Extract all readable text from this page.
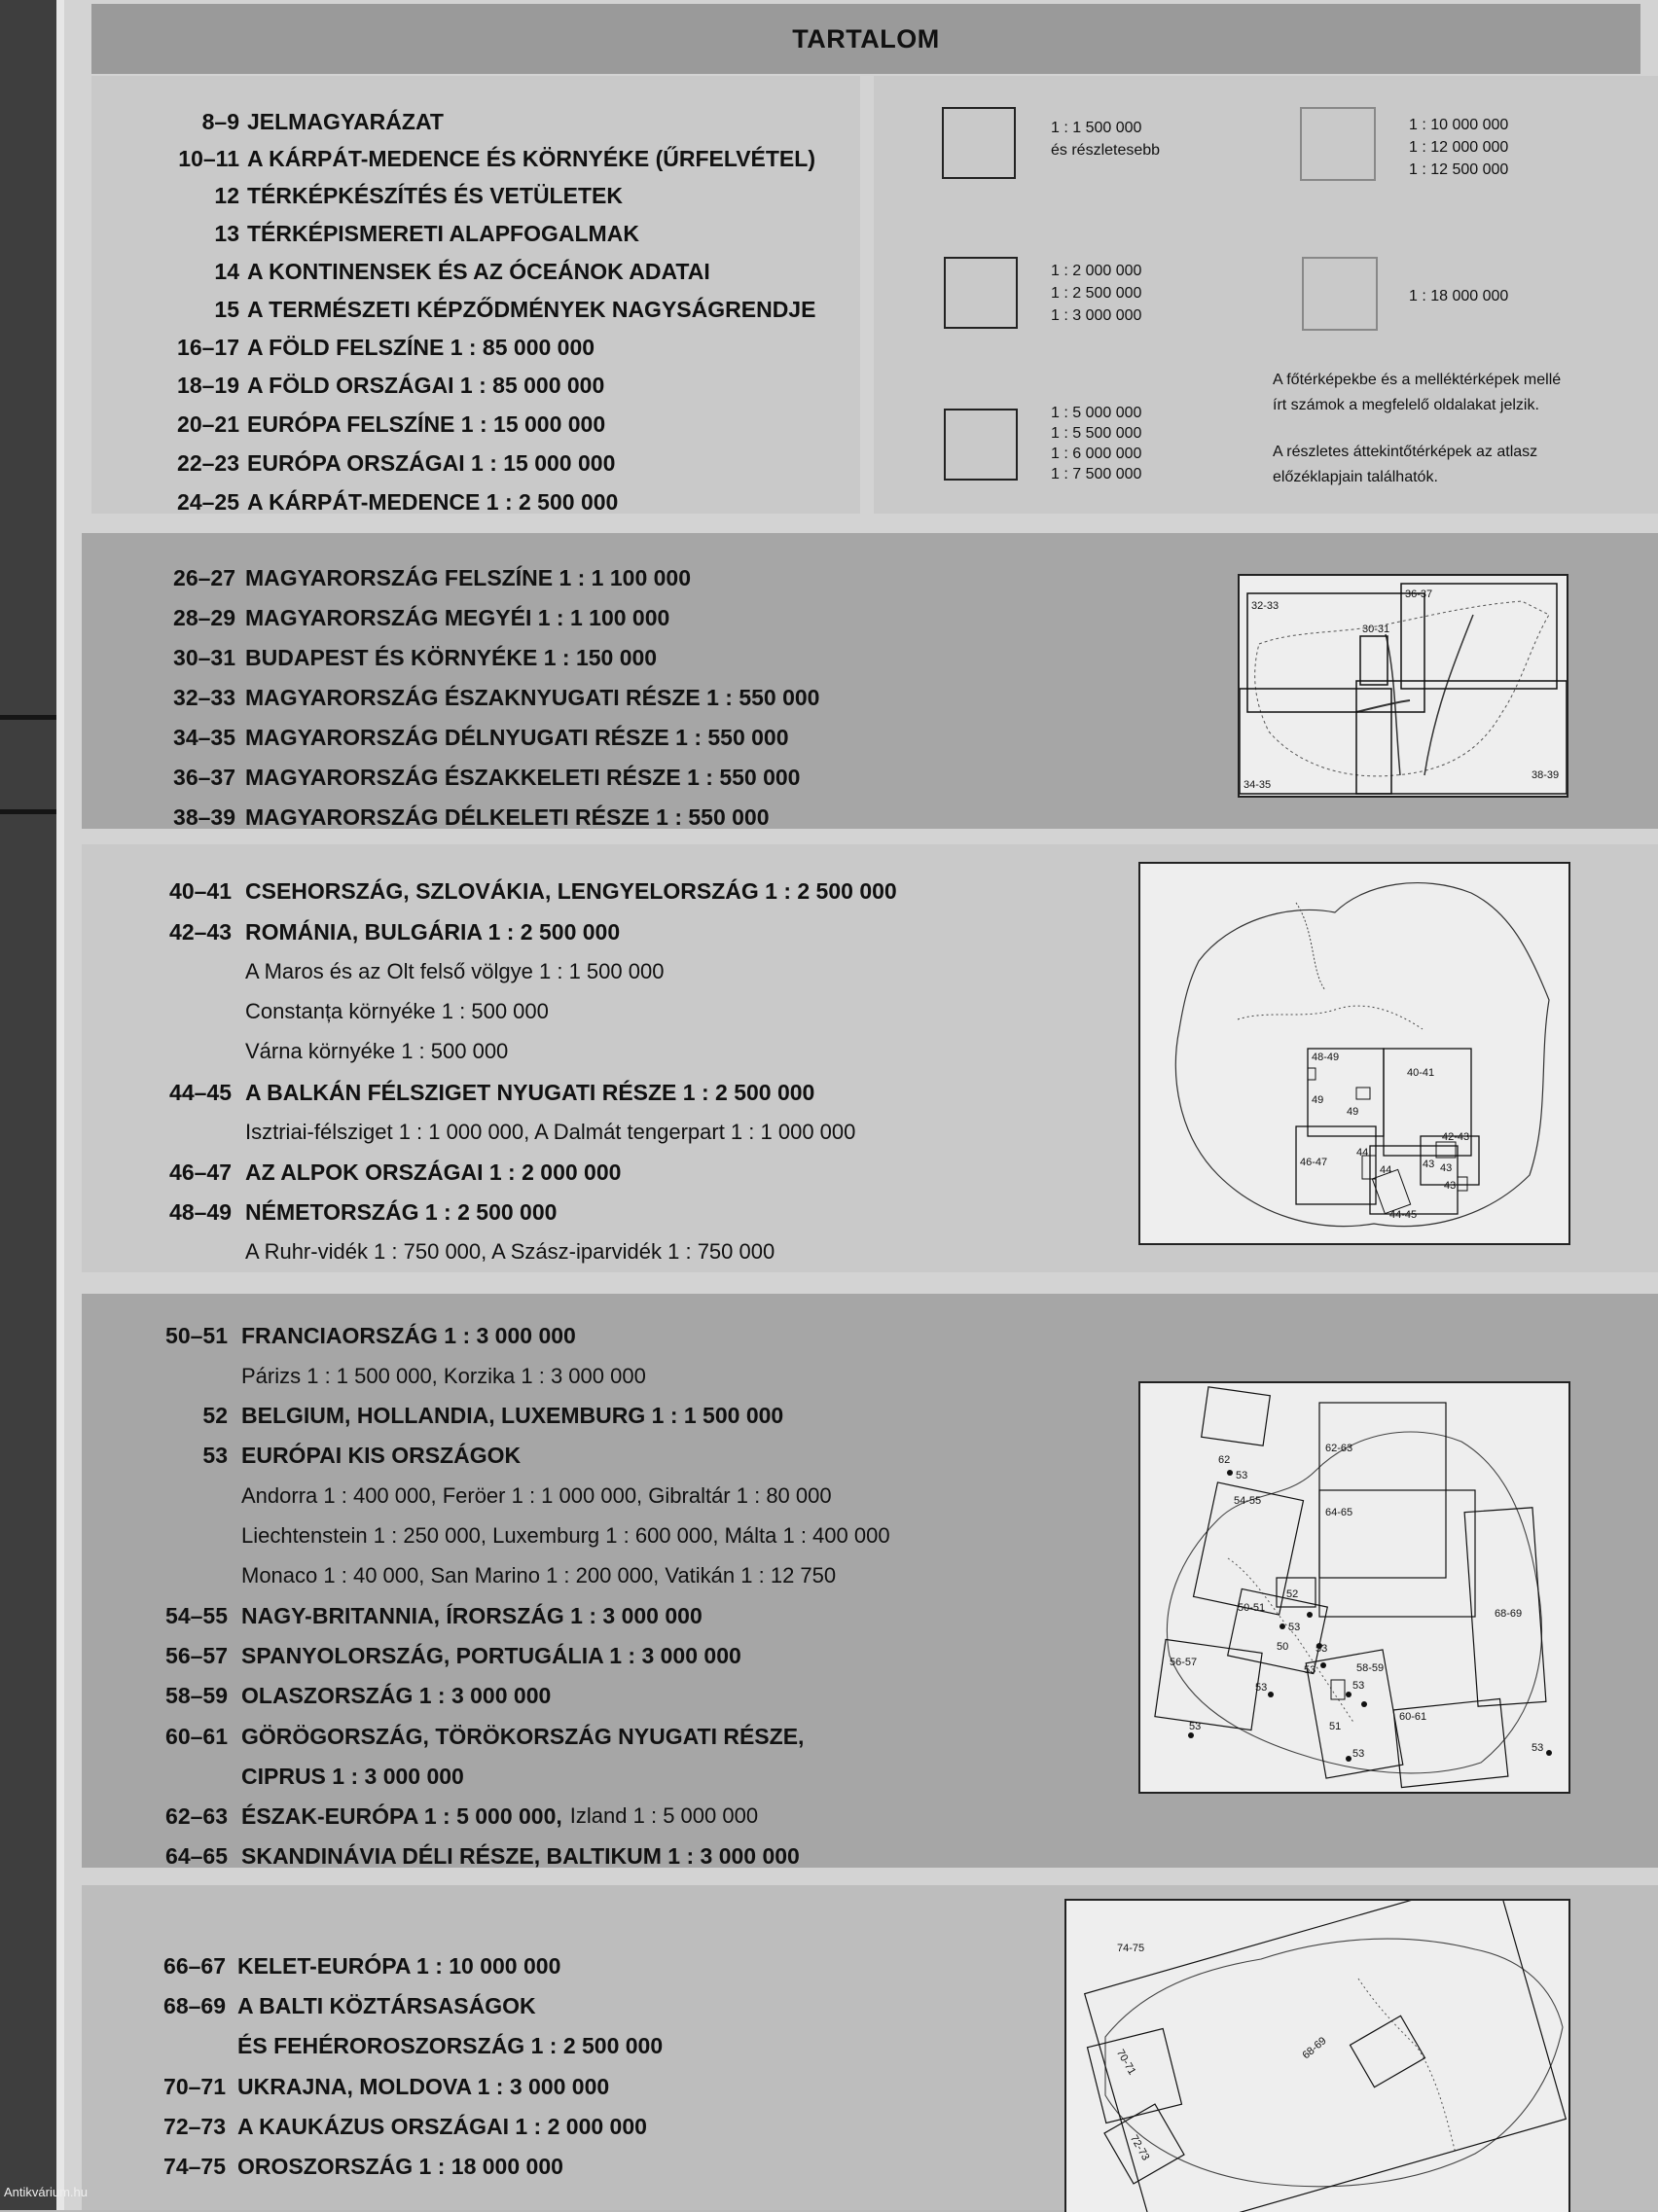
TARTALOM
8–9 JELMAGYARÁZAT
10–11 A KÁRPÁT-MEDENCE ÉS KÖRNYÉKE (ŰRFELVÉTEL)
12 TÉRKÉPKÉSZÍTÉS ÉS VETÜLETEK
13 TÉRKÉPISMERETI ALAPFOGALMAK
14 A KONTINENSEK ÉS AZ ÓCEÁNOK ADATAI
15 A TERMÉSZETI KÉPZŐDMÉNYEK NAGYSÁGRENDJE
16–17 A FÖLD FELSZÍNE 1 : 85 000 000
18–19 A FÖLD ORSZÁGAI 1 : 85 000 000
20–21 EURÓPA FELSZÍNE 1 : 15 000 000
22–23 EURÓPA ORSZÁGAI 1 : 15 000 000
24–25 A KÁRPÁT-MEDENCE 1 : 2 500 000
26–27 MAGYARORSZÁG FELSZÍNE 1 : 1 100 000
28–29 MAGYARORSZÁG MEGYÉI 1 : 1 100 000
30–31 BUDAPEST ÉS KÖRNYÉKE 1 : 150 000
32–33 MAGYARORSZÁG ÉSZAKNYUGATI RÉSZE 1 : 550 000
34–35 MAGYARORSZÁG DÉLNYUGATI RÉSZE 1 : 550 000
36–37 MAGYARORSZÁG ÉSZAKKELETI RÉSZE 1 : 550 000
38–39 MAGYARORSZÁG DÉLKELETI RÉSZE 1 : 550 000
40–41 CSEHORSZÁG, SZLOVÁKIA, LENGYELORSZÁG 1 : 2 500 000
42–43 ROMÁNIA, BULGÁRIA 1 : 2 500 000
A Maros és az Olt felső völgye 1 : 1 500 000
Constanța környéke 1 : 500 000
Várna környéke 1 : 500 000
44–45 A BALKÁN FÉLSZIGET NYUGATI RÉSZE 1 : 2 500 000
Isztriai-félsziget 1 : 1 000 000, A Dalmát tengerpart 1 : 1 000 000
46–47 AZ ALPOK ORSZÁGAI 1 : 2 000 000
48–49 NÉMETORSZÁG 1 : 2 500 000
A Ruhr-vidék 1 : 750 000, A Szász-iparvidék 1 : 750 000
50–51 FRANCIAORSZÁG 1 : 3 000 000
Párizs 1 : 1 500 000, Korzika 1 : 3 000 000
52 BELGIUM, HOLLANDIA, LUXEMBURG 1 : 1 500 000
53 EURÓPAI KIS ORSZÁGOK
Andorra 1 : 400 000, Feröer 1 : 1 000 000, Gibraltár 1 : 80 000
Liechtenstein 1 : 250 000, Luxemburg 1 : 600 000, Málta 1 : 400 000
Monaco 1 : 40 000, San Marino 1 : 200 000, Vatikán 1 : 12 750
54–55 NAGY-BRITANNIA, ÍRORSZÁG 1 : 3 000 000
56–57 SPANYOLORSZÁG, PORTUGÁLIA 1 : 3 000 000
58–59 OLASZORSZÁG 1 : 3 000 000
60–61 GÖRÖGORSZÁG, TÖRÖKORSZÁG NYUGATI RÉSZE,
CIPRUS 1 : 3 000 000
62–63 ÉSZAK-EURÓPA 1 : 5 000 000, Izland 1 : 5 000 000
64–65 SKANDINÁVIA DÉLI RÉSZE, BALTIKUM 1 : 3 000 000
66–67 KELET-EURÓPA 1 : 10 000 000
68–69 A BALTI KÖZTÁRSASÁGOK
ÉS FEHÉROROSZORSZÁG 1 : 2 500 000
70–71 UKRAJNA, MOLDOVA 1 : 3 000 000
72–73 A KAUKÁZUS ORSZÁGAI 1 : 2 000 000
74–75 OROSZORSZÁG 1 : 18 000 000
1 : 1 500 000
és részletesebb
1 : 2 000 000
1 : 2 500 000
1 : 3 000 000
1 : 5 000 000
1 : 5 500 000
1 : 6 000 000
1 : 7 500 000
1 : 10 000 000
1 : 12 000 000
1 : 12 500 000
1 : 18 000 000
A főtérképekbe és a melléktérképek mellé
írt számok a megfelelő oldalakat jelzik.
A részletes áttekintőtérképek az atlasz
előzéklapjain találhatók.
32-33
36-37
30-31
34-35
38-39
48-49
49
49
40-41
42-43
46-47
44
44	43 43
43
44-45
62
53
62-63
54-55
64-65
52
50-51
53
50	53
53	58-59
56-57
53
53	51
53
53
60-61
68-69
53
74-75
68-69
70-71
72-73
Antikvárium.hu
